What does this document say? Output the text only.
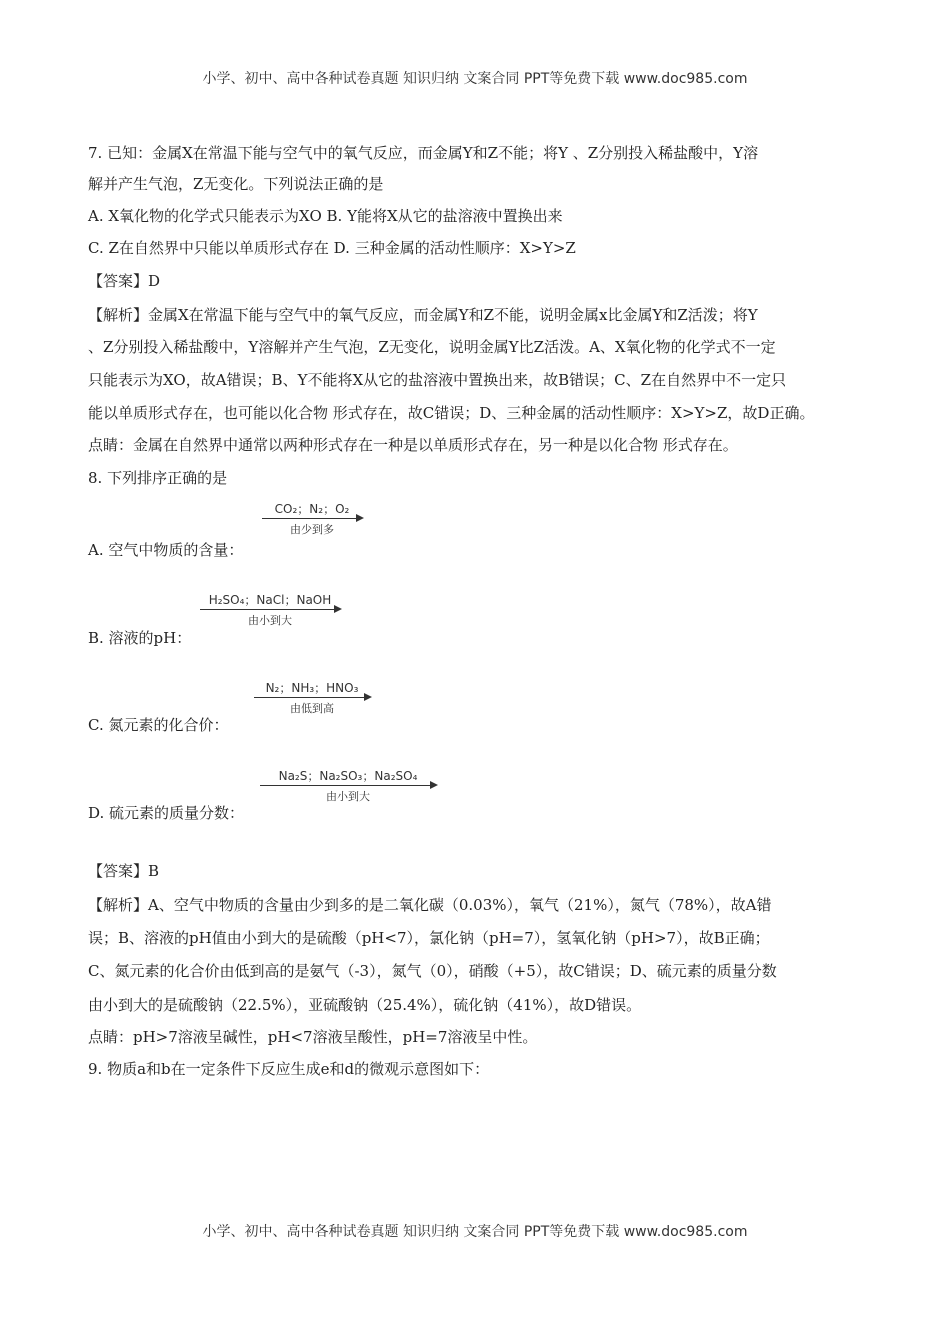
小学、初中、高中各种试卷真题 知识归纳 文案合同 PPT等免费下载 www.doc985.com
7. 已知：金属X在常温下能与空气中的氧气反应，而金属Y和Z不能；将Y 、Z分别投入稀盐酸中，Y溶
解并产生气泡，Z无变化。下列说法正确的是
A. X氧化物的化学式只能表示为XO B. Y能将X从它的盐溶液中置换出来
C. Z在自然界中只能以单质形式存在 D. 三种金属的活动性顺序：X>Y>Z
【答案】D
【解析】金属X在常温下能与空气中的氧气反应，而金属Y和Z不能，说明金属x比金属Y和Z活泼；将Y
、Z分别投入稀盐酸中，Y溶解并产生气泡，Z无变化，说明金属Y比Z活泼。A、X氧化物的化学式不一定
只能表示为XO，故A错误；B、Y不能将X从它的盐溶液中置换出来，故B错误；C、Z在自然界中不一定只
能以单质形式存在，也可能以化合物 形式存在，故C错误；D、三种金属的活动性顺序：X>Y>Z，故D正确。
点睛：金属在自然界中通常以两种形式存在一种是以单质形式存在，另一种是以化合物 形式存在。
8. 下列排序正确的是
A. 空气中物质的含量：
CO₂；N₂；O₂
由少到多
B. 溶液的pH：
H₂SO₄；NaCl；NaOH
由小到大
C. 氮元素的化合价：
N₂；NH₃；HNO₃
由低到高
D. 硫元素的质量分数：
Na₂S；Na₂SO₃；Na₂SO₄
由小到大
【答案】B
【解析】A、空气中物质的含量由少到多的是二氧化碳（0.03%），氧气（21%），氮气（78%），故A错
误；B、溶液的pH值由小到大的是硫酸（pH<7），氯化钠（pH=7），氢氧化钠（pH>7），故B正确；
C、氮元素的化合价由低到高的是氨气（-3），氮气（0），硝酸（+5），故C错误；D、硫元素的质量分数
由小到大的是硫酸钠（22.5%），亚硫酸钠（25.4%），硫化钠（41%），故D错误。
点睛：pH>7溶液呈碱性，pH<7溶液呈酸性，pH=7溶液呈中性。
9. 物质a和b在一定条件下反应生成e和d的微观示意图如下：
小学、初中、高中各种试卷真题 知识归纳 文案合同 PPT等免费下载 www.doc985.com
